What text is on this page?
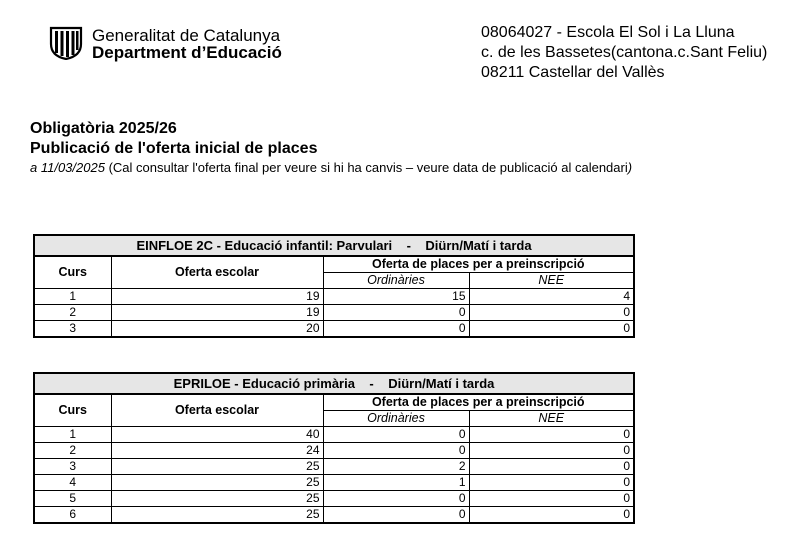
Generalitat de Catalunya
Department d’Educació
08064027 - Escola El Sol i La Lluna
c. de les Bassetes(cantona.c.Sant Feliu)
08211 Castellar del Vallès
Obligatòria 2025/26
Publicació de l'oferta inicial de places
a 11/03/2025 (Cal consultar l'oferta final per veure si hi ha canvis – veure data de publicació al calendari)
EINFLOE 2C - Educació infantil: Parvulari - Diürn/Matí i tarda			
Curs	Oferta escolar	Oferta de places per a preinscripció	
		Ordinàries	NEE
1	19	15	4
2	19	0	0
3	20	0	0
EPRILOE - Educació primària - Diürn/Matí i tarda			
Curs	Oferta escolar	Oferta de places per a preinscripció	
		Ordinàries	NEE
1	40	0	0
2	24	0	0
3	25	2	0
4	25	1	0
5	25	0	0
6	25	0	0
